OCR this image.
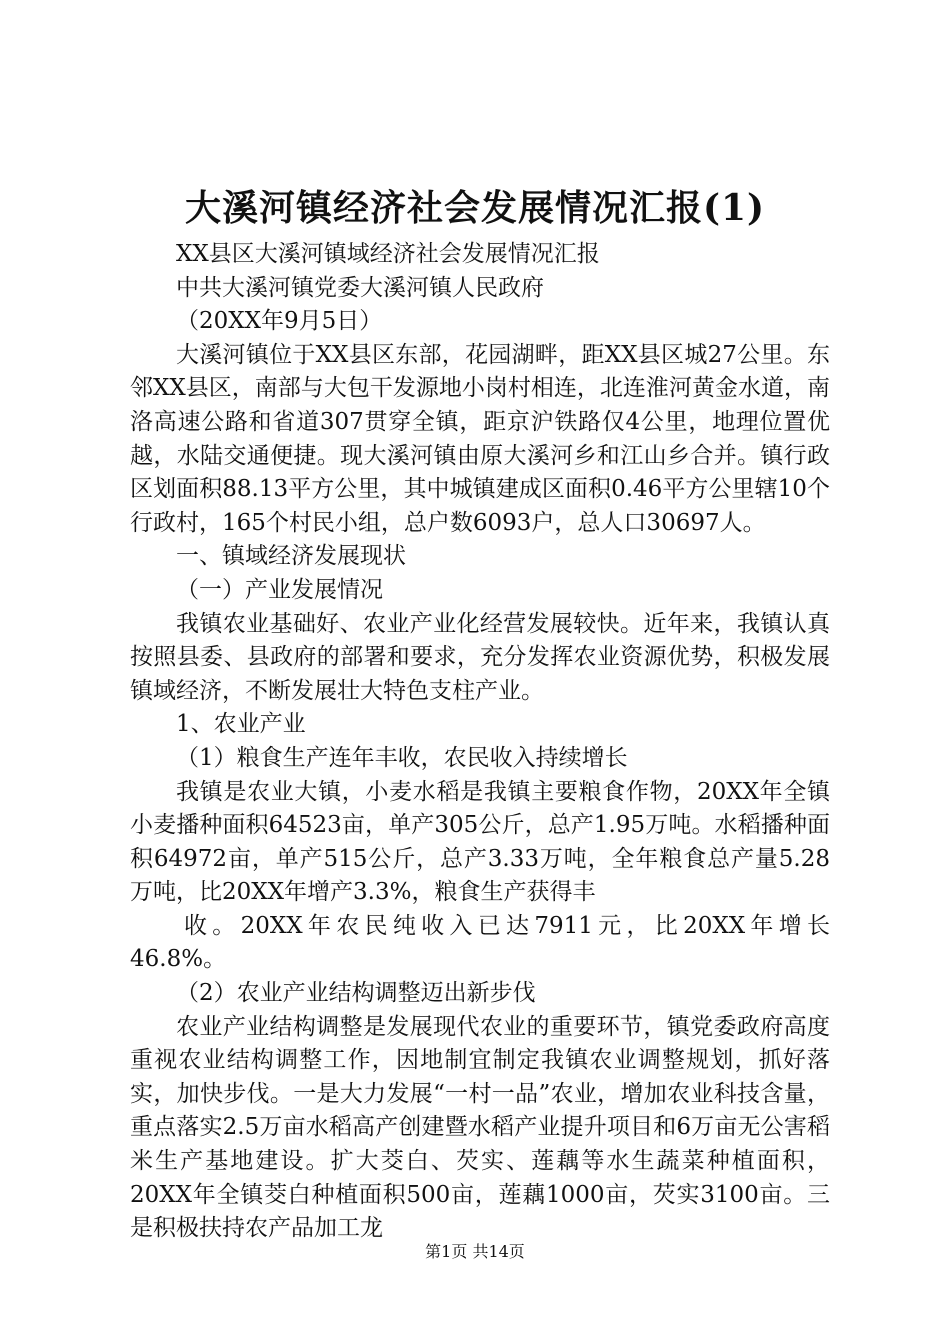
大溪河镇经济社会发展情况汇报(1)

XX县区大溪河镇域经济社会发展情况汇报

中共大溪河镇党委大溪河镇人民政府

（20XX年9月5日）

大溪河镇位于XX县区东部，花园湖畔，距XX县区城27公里。东邻XX县区，南部与大包干发源地小岗村相连，北连淮河黄金水道，南洛高速公路和省道307贯穿全镇，距京沪铁路仅4公里，地理位置优越，水陆交通便捷。现大溪河镇由原大溪河乡和江山乡合并。镇行政区划面积88.13平方公里，其中城镇建成区面积0.46平方公里辖10个行政村，165个村民小组，总户数6093户，总人口30697人。

一、镇域经济发展现状

（一）产业发展情况

我镇农业基础好、农业产业化经营发展较快。近年来，我镇认真按照县委、县政府的部署和要求，充分发挥农业资源优势，积极发展镇域经济，不断发展壮大特色支柱产业。

1、农业产业

（1）粮食生产连年丰收，农民收入持续增长

我镇是农业大镇，小麦水稻是我镇主要粮食作物，20XX年全镇小麦播种面积64523亩，单产305公斤，总产1.95万吨。水稻播种面积64972亩，单产515公斤，总产3.33万吨，全年粮食总产量5.28万吨，比20XX年增产3.3%，粮食生产获得丰

收。20XX年农民纯收入已达7911元，比20XX年增长46.8%。

（2）农业产业结构调整迈出新步伐

农业产业结构调整是发展现代农业的重要环节，镇党委政府高度重视农业结构调整工作，因地制宜制定我镇农业调整规划，抓好落实，加快步伐。一是大力发展“一村一品”农业，增加农业科技含量，重点落实2.5万亩水稻高产创建暨水稻产业提升项目和6万亩无公害稻米生产基地建设。扩大茭白、芡实、莲藕等水生蔬菜种植面积，20XX年全镇茭白种植面积500亩，莲藕1000亩，芡实3100亩。三是积极扶持农产品加工龙

第1页 共14页
